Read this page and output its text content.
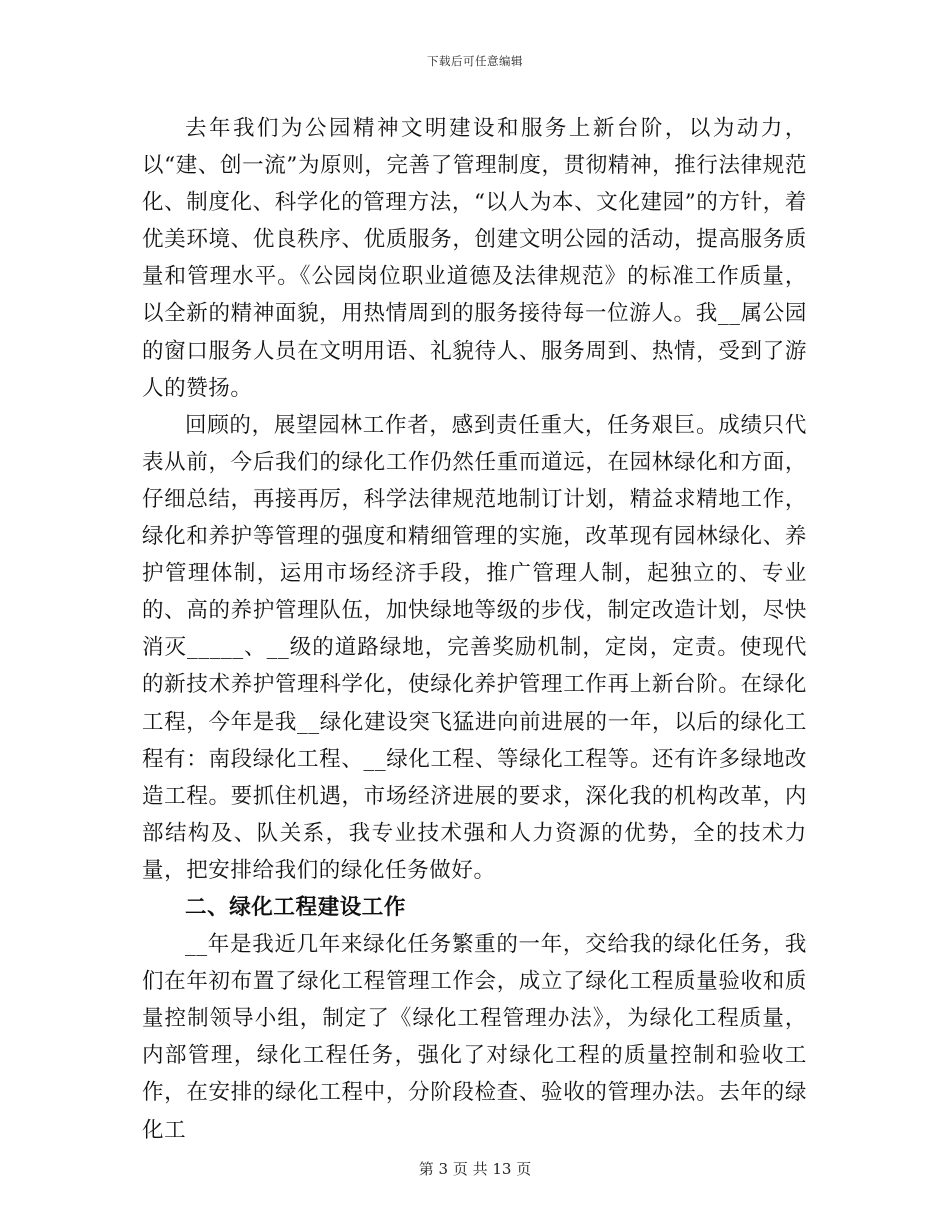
下载后可任意编辑

去年我们为公园精神文明建设和服务上新台阶，以为动力，以“建、创一流”为原则，完善了管理制度，贯彻精神，推行法律规范化、制度化、科学化的管理方法，“以人为本、文化建园”的方针，着优美环境、优良秩序、优质服务，创建文明公园的活动，提高服务质量和管理水平。《公园岗位职业道德及法律规范》的标准工作质量，以全新的精神面貌，用热情周到的服务接待每一位游人。我__属公园的窗口服务人员在文明用语、礼貌待人、服务周到、热情，受到了游人的赞扬。

回顾的，展望园林工作者，感到责任重大，任务艰巨。成绩只代表从前，今后我们的绿化工作仍然任重而道远，在园林绿化和方面，仔细总结，再接再厉，科学法律规范地制订计划，精益求精地工作，绿化和养护等管理的强度和精细管理的实施，改革现有园林绿化、养护管理体制，运用市场经济手段，推广管理人制，起独立的、专业的、高的养护管理队伍，加快绿地等级的步伐，制定改造计划，尽快消灭_____、__级的道路绿地，完善奖励机制，定岗，定责。使现代的新技术养护管理科学化，使绿化养护管理工作再上新台阶。在绿化工程，今年是我__绿化建设突飞猛进向前进展的一年，以后的绿化工程有：南段绿化工程、__绿化工程、等绿化工程等。还有许多绿地改造工程。要抓住机遇，市场经济进展的要求，深化我的机构改革，内部结构及、队关系，我专业技术强和人力资源的优势，全的技术力量，把安排给我们的绿化任务做好。

二、绿化工程建设工作

__年是我近几年来绿化任务繁重的一年，交给我的绿化任务，我们在年初布置了绿化工程管理工作会，成立了绿化工程质量验收和质量控制领导小组，制定了《绿化工程管理办法》，为绿化工程质量，内部管理，绿化工程任务，强化了对绿化工程的质量控制和验收工作，在安排的绿化工程中，分阶段检查、验收的管理办法。去年的绿化工

第 3 页 共 13 页
